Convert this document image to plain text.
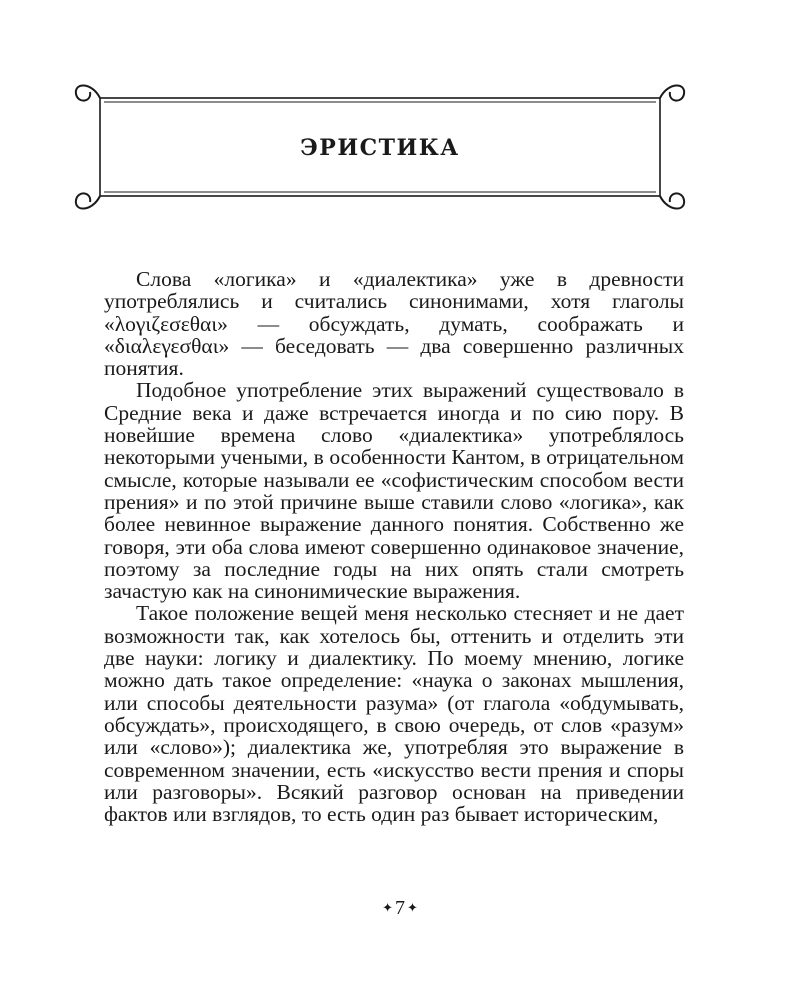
ЭРИСТИКА

Слова «логика» и «диалектика» уже в древности употреблялись и считались синонимами, хотя глаголы «λογιζεσεθαι» — обсуждать, думать, соображать и «διαλεγεσθαι» — беседовать — два совершенно различных понятия.

Подобное употребление этих выражений существовало в Средние века и даже встречается иногда и по сию пору. В новейшие времена слово «диалектика» употреблялось некоторыми учеными, в особенности Кантом, в отрицательном смысле, которые называли ее «софистическим способом вести прения» и по этой причине выше ставили слово «логика», как более невинное выражение данного понятия. Собственно же говоря, эти оба слова имеют совершенно одинаковое значение, поэтому за последние годы на них опять стали смотреть зачастую как на синонимические выражения.

Такое положение вещей меня несколько стесняет и не дает возможности так, как хотелось бы, оттенить и отделить эти две науки: логику и диалектику. По моему мнению, логике можно дать такое определение: «наука о законах мышления, или способы деятельности разума» (от глагола «обдумывать, обсуждать», происходящего, в свою очередь, от слов «разум» или «слово»); диалектика же, употребляя это выражение в современном значении, есть «искусство вести прения и споры или разговоры». Всякий разговор основан на приведении фактов или взглядов, то есть один раз бывает историческим,

✦ 7 ✦
